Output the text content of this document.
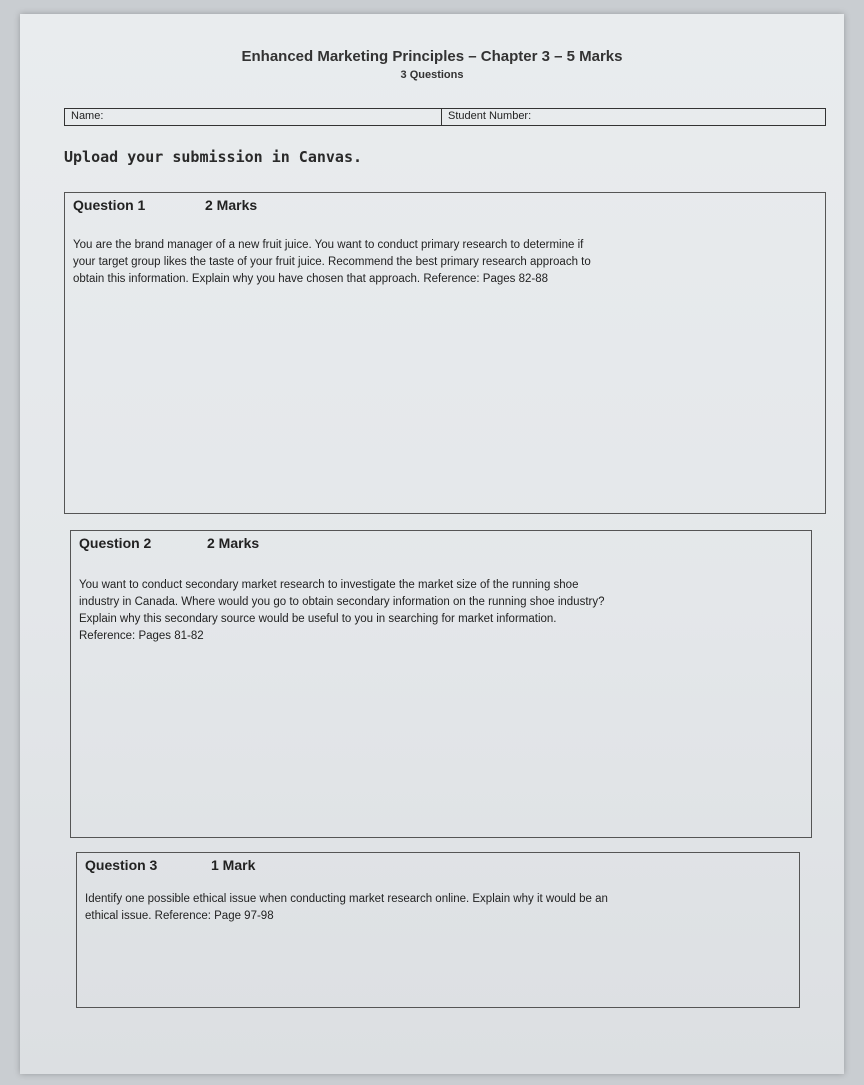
Enhanced Marketing Principles – Chapter 3 – 5 Marks
3 Questions
Name:	Student Number:
Upload your submission in Canvas.
Question 1	2 Marks

You are the brand manager of a new fruit juice. You want to conduct primary research to determine if

your target group likes the taste of your fruit juice. Recommend the best primary research approach to

obtain this information. Explain why you have chosen that approach. Reference: Pages 82-88

Question 2	2 Marks

You want to conduct secondary market research to investigate the market size of the running shoe

industry in Canada. Where would you go to obtain secondary information on the running shoe industry?

Explain why this secondary source would be useful to you in searching for market information.

Reference: Pages 81-82

Question 3	1 Mark

Identify one possible ethical issue when conducting market research online. Explain why it would be an

ethical issue. Reference: Page 97-98
